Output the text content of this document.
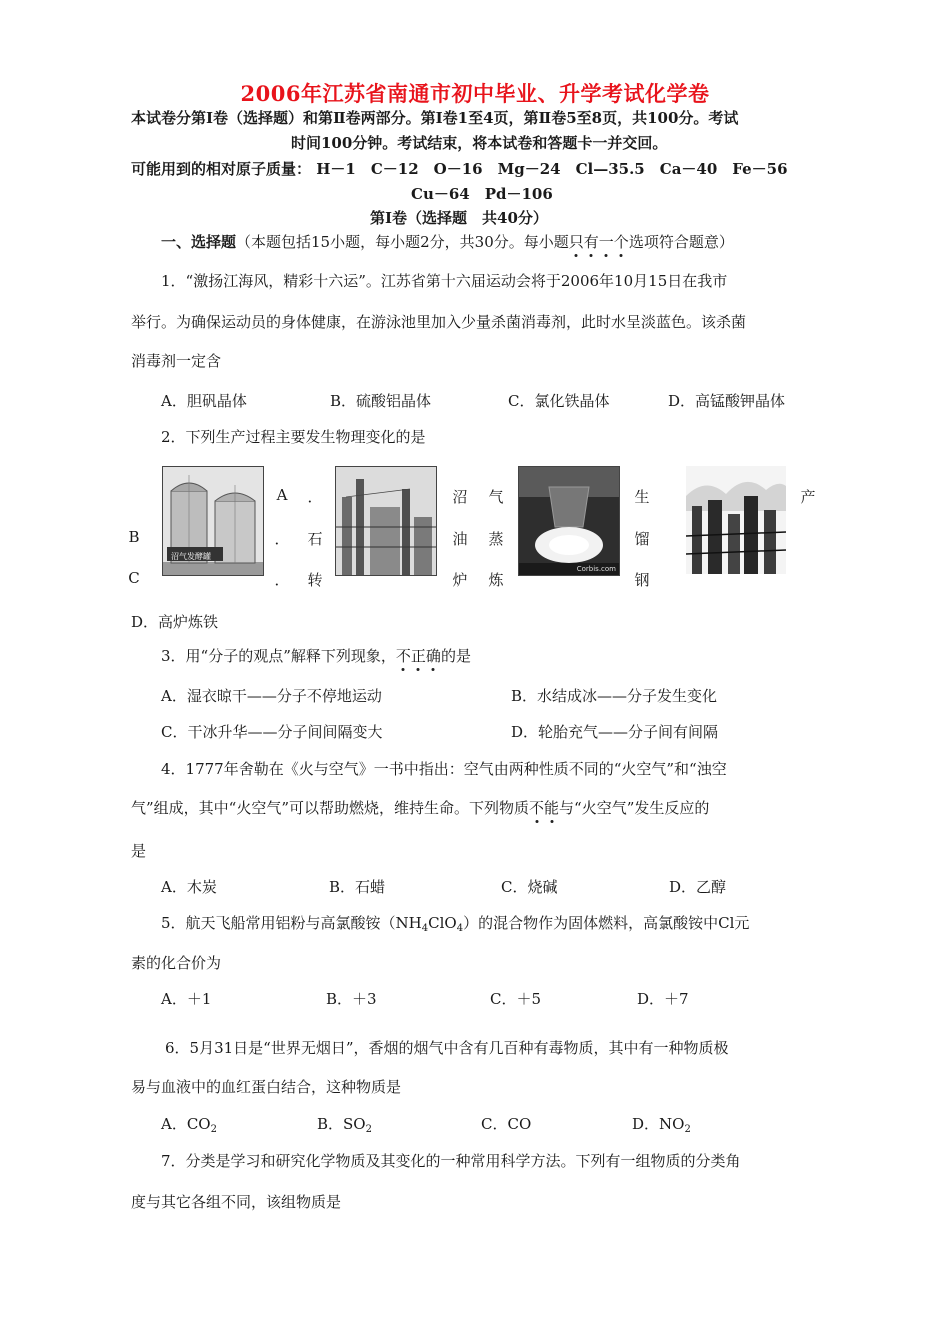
2006年江苏省南通市初中毕业、升学考试化学卷
本试卷分第Ⅰ卷（选择题）和第Ⅱ卷两部分。第Ⅰ卷1至4页，第Ⅱ卷5至8页，共100分。考试
时间100分钟。考试结束，将本试卷和答题卡一并交回。
可能用到的相对原子质量： H－1　C－12　O－16　Mg－24　Cl—35.5　Ca－40　Fe－56
Cu－64　Pd－106
第Ⅰ卷（选择题　共40分）
一、选择题（本题包括15小题，每小题2分，共30分。每小题只有一个选项符合题意）
1．“激扬江海风，精彩十六运”。江苏省第十六届运动会将于2006年10月15日在我市
举行。为确保运动员的身体健康，在游泳池里加入少量杀菌消毒剂，此时水呈淡蓝色。该杀菌
消毒剂一定含
A．胆矾晶体	B．硫酸铝晶体	C．氯化铁晶体	D．高锰酸钾晶体
2．下列生产过程主要发生物理变化的是
沼气发酵罐
Corbis.com
A	．	沼 气	生	产
B	． 石	油 蒸	馏
C	． 转	炉 炼	钢
D．高炉炼铁
3．用“分子的观点”解释下列现象，不正确的是
A．湿衣晾干——分子不停地运动	B．水结成冰——分子发生变化
C．干冰升华——分子间间隔变大	D．轮胎充气——分子间有间隔
4．1777年舍勒在《火与空气》一书中指出：空气由两种性质不同的“火空气”和“浊空
气”组成，其中“火空气”可以帮助燃烧，维持生命。下列物质不能与“火空气”发生反应的
是
A．木炭	B．石蜡	C．烧碱	D．乙醇
5．航天飞船常用铝粉与高氯酸铵$(NH_4ClO_4)$的混合物作为固体燃料，高氯酸铵中Cl元
素的化合价为
A．＋1	B．＋3	C．＋5	D．＋7
6．5月31日是“世界无烟日”，香烟的烟气中含有几百种有毒物质，其中有一种物质极
易与血液中的血红蛋白结合，这种物质是
A．$CO_2$	B．$SO_2$	C．CO	D．$NO_2$
7．分类是学习和研究化学物质及其变化的一种常用科学方法。下列有一组物质的分类角
度与其它各组不同，该组物质是
